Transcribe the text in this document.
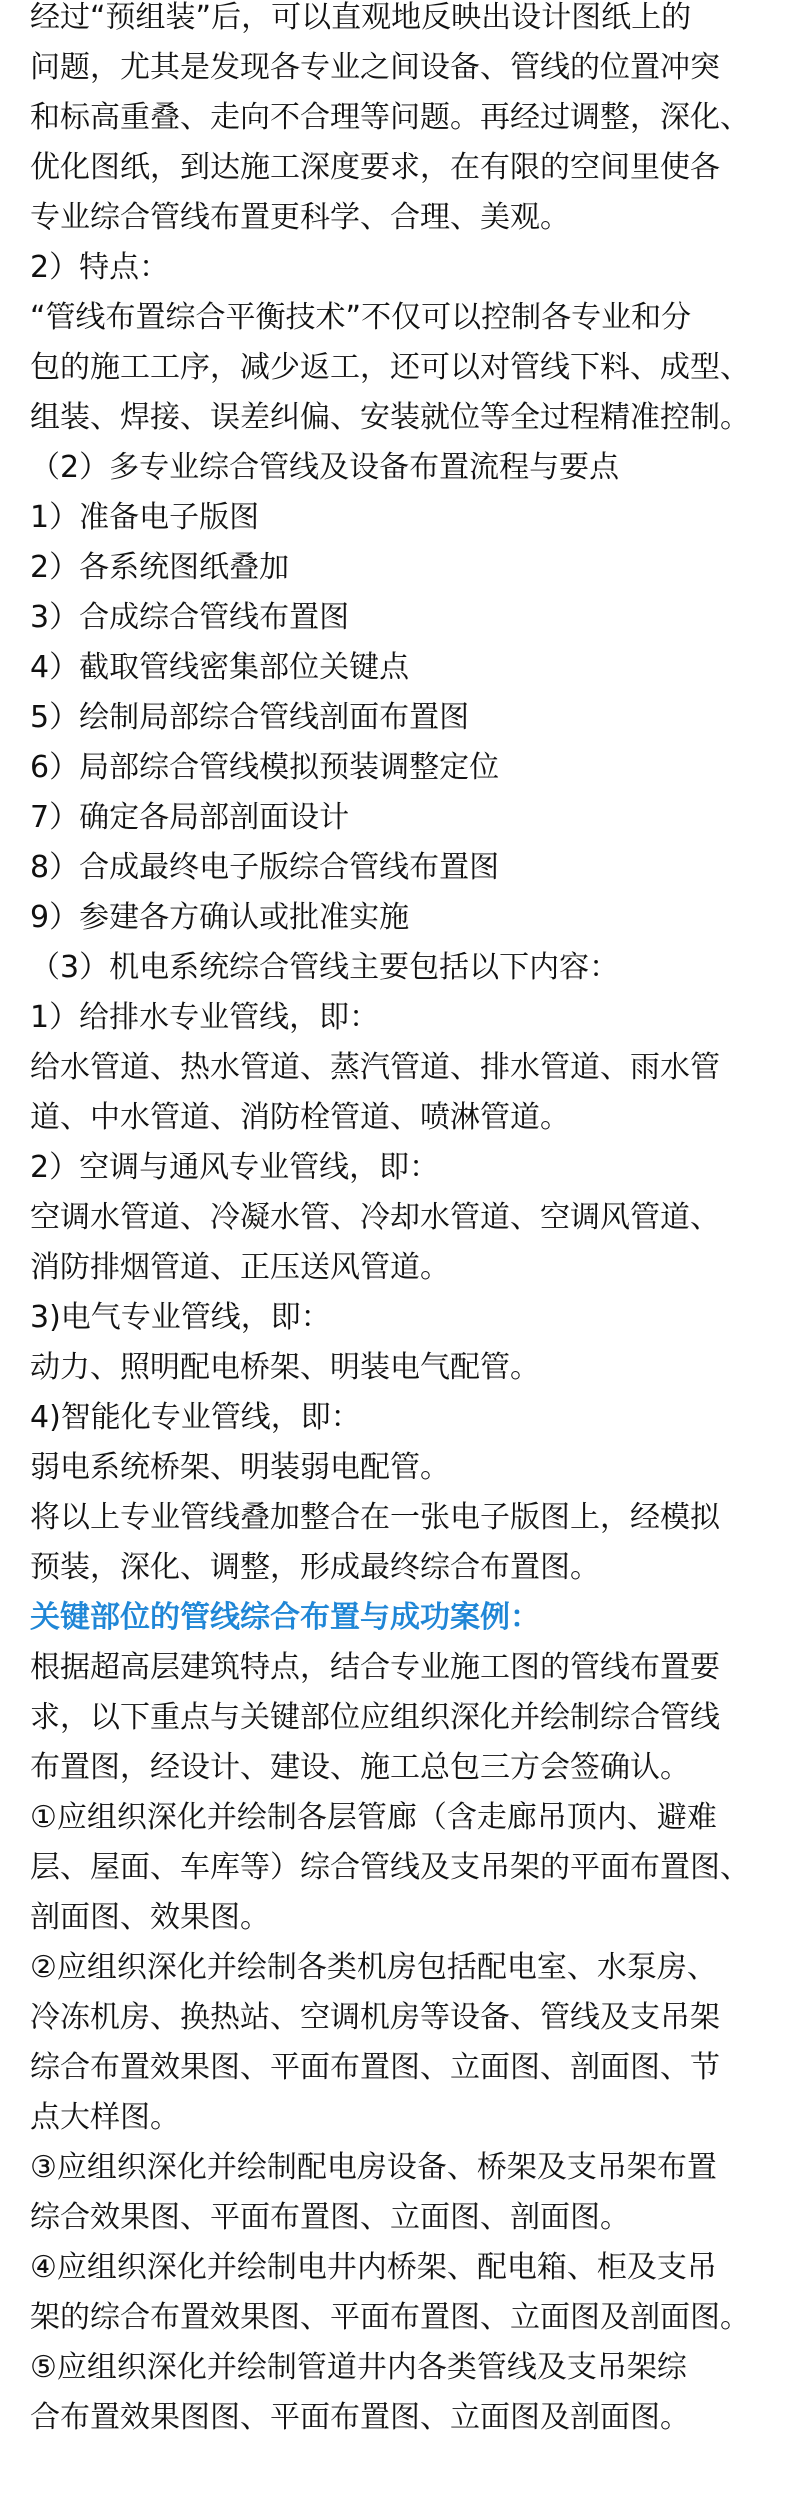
经过“预组装”后，可以直观地反映出设计图纸上的
问题，尤其是发现各专业之间设备、管线的位置冲突
和标高重叠、走向不合理等问题。再经过调整，深化、
优化图纸，到达施工深度要求，在有限的空间里使各
专业综合管线布置更科学、合理、美观。
2）特点：
“管线布置综合平衡技术”不仅可以控制各专业和分
包的施工工序，减少返工，还可以对管线下料、成型、
组装、焊接、误差纠偏、安装就位等全过程精准控制。
（2）多专业综合管线及设备布置流程与要点
1）准备电子版图
2）各系统图纸叠加
3）合成综合管线布置图
4）截取管线密集部位关键点
5）绘制局部综合管线剖面布置图
6）局部综合管线模拟预装调整定位
7）确定各局部剖面设计
8）合成最终电子版综合管线布置图
9）参建各方确认或批准实施
（3）机电系统综合管线主要包括以下内容：
1）给排水专业管线，即：
给水管道、热水管道、蒸汽管道、排水管道、雨水管
道、中水管道、消防栓管道、喷淋管道。
2）空调与通风专业管线，即：
空调水管道、冷凝水管、冷却水管道、空调风管道、
消防排烟管道、正压送风管道。
3)电气专业管线，即：
动力、照明配电桥架、明装电气配管。
4)智能化专业管线，即：
弱电系统桥架、明装弱电配管。
将以上专业管线叠加整合在一张电子版图上，经模拟
预装，深化、调整，形成最终综合布置图。
关键部位的管线综合布置与成功案例：
根据超高层建筑特点，结合专业施工图的管线布置要
求，以下重点与关键部位应组织深化并绘制综合管线
布置图，经设计、建设、施工总包三方会签确认。
①应组织深化并绘制各层管廊（含走廊吊顶内、避难
层、屋面、车库等）综合管线及支吊架的平面布置图、
剖面图、效果图。
②应组织深化并绘制各类机房包括配电室、水泵房、
冷冻机房、换热站、空调机房等设备、管线及支吊架
综合布置效果图、平面布置图、立面图、剖面图、节
点大样图。
③应组织深化并绘制配电房设备、桥架及支吊架布置
综合效果图、平面布置图、立面图、剖面图。
④应组织深化并绘制电井内桥架、配电箱、柜及支吊
架的综合布置效果图、平面布置图、立面图及剖面图。
⑤应组织深化并绘制管道井内各类管线及支吊架综
合布置效果图图、平面布置图、立面图及剖面图。
